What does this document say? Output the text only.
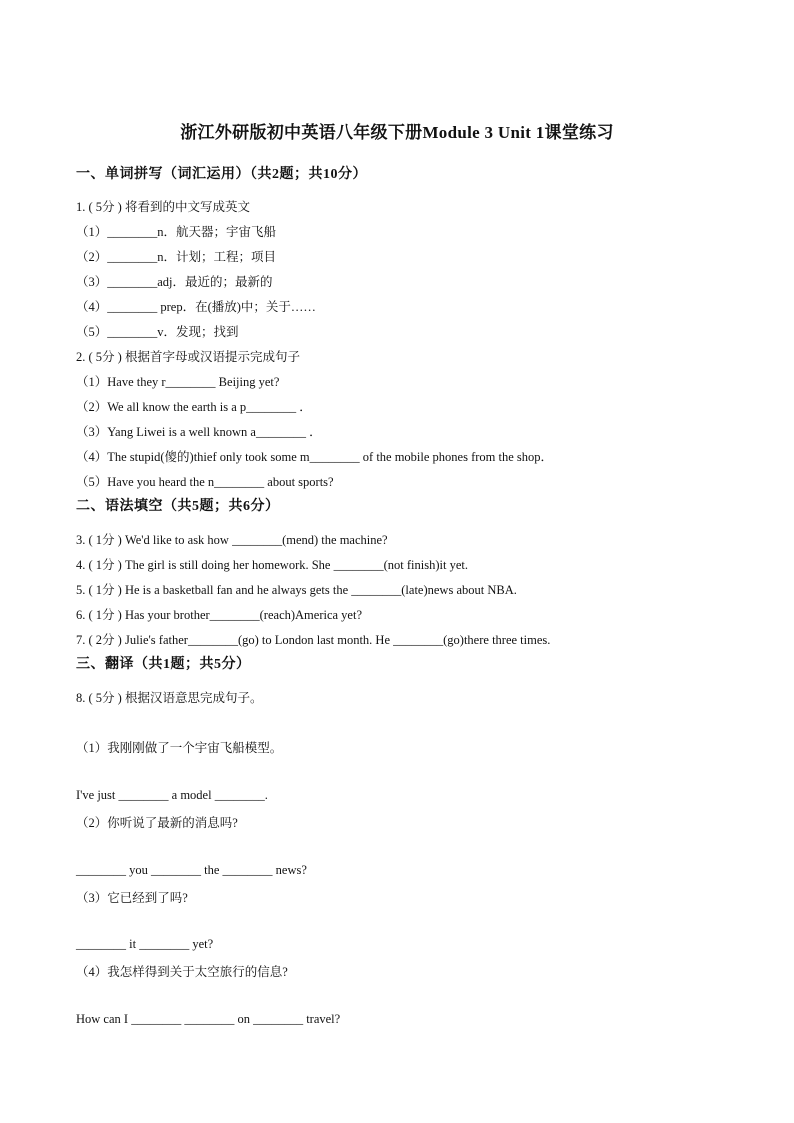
浙江外研版初中英语八年级下册Module 3 Unit 1课堂练习
一、单词拼写（词汇运用）（共2题；共10分）
1. ( 5分 ) 将看到的中文写成英文
（1）________n．航天器；宇宙飞船
（2）________n．计划；工程；项目
（3）________adj．最近的；最新的
（4）________ prep．在(播放)中；关于……
（5）________v．发现；找到
2. ( 5分 ) 根据首字母或汉语提示完成句子
（1）Have they r________ Beijing yet?
（2）We all know the earth is a p________ ．
（3）Yang Liwei is a well known a________ ．
（4）The stupid(傻的)thief only took some m________ of the mobile phones from the shop．
（5）Have you heard the n________ about sports?
二、语法填空（共5题；共6分）
3. ( 1分 ) We'd like to ask how ________(mend) the machine?
4. ( 1分 ) The girl is still doing her homework. She ________(not finish)it yet.
5. ( 1分 ) He is a basketball fan and he always gets the ________(late)news about NBA.
6. ( 1分 ) Has your brother________(reach)America yet?
7. ( 2分 ) Julie's father________(go) to London last month. He ________(go)there three times.
三、翻译（共1题；共5分）
8. ( 5分 ) 根据汉语意思完成句子。
（1）我刚刚做了一个宇宙飞船模型。
I've just ________ a model ________.
（2）你听说了最新的消息吗?
________ you ________ the ________ news?
（3）它已经到了吗?
________ it ________ yet?
（4）我怎样得到关于太空旅行的信息?
How can I ________ ________ on ________ travel?
